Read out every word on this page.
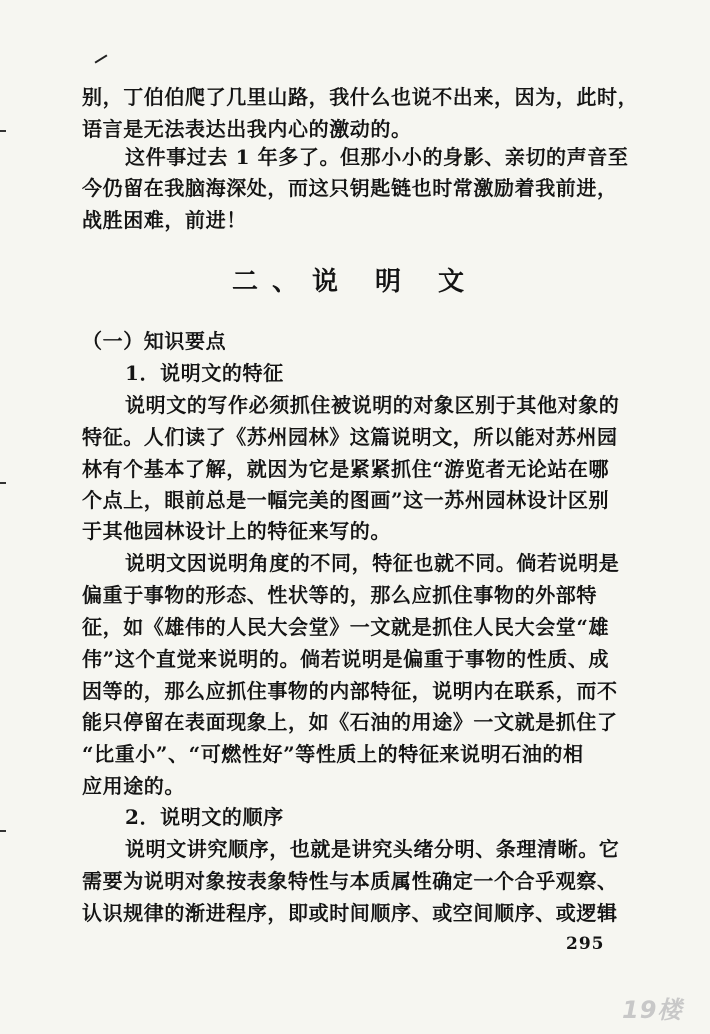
别，丁伯伯爬了几里山路，我什么也说不出来，因为，此时，
语言是无法表达出我内心的激动的。
这件事过去 1 年多了。但那小小的身影、亲切的声音至
今仍留在我脑海深处，而这只钥匙链也时常激励着我前进，
战胜困难，前进！
二、说 明 文
（一）知识要点
1．说明文的特征
说明文的写作必须抓住被说明的对象区别于其他对象的
特征。人们读了《苏州园林》这篇说明文，所以能对苏州园
林有个基本了解，就因为它是紧紧抓住“游览者无论站在哪
个点上，眼前总是一幅完美的图画”这一苏州园林设计区别
于其他园林设计上的特征来写的。
说明文因说明角度的不同，特征也就不同。倘若说明是
偏重于事物的形态、性状等的，那么应抓住事物的外部特
征，如《雄伟的人民大会堂》一文就是抓住人民大会堂“雄
伟”这个直觉来说明的。倘若说明是偏重于事物的性质、成
因等的，那么应抓住事物的内部特征，说明内在联系，而不
能只停留在表面现象上，如《石油的用途》一文就是抓住了
“比重小”、“可燃性好”等性质上的特征来说明石油的相
应用途的。
2．说明文的顺序
说明文讲究顺序，也就是讲究头绪分明、条理清晰。它
需要为说明对象按表象特性与本质属性确定一个合乎观察、
认识规律的渐进程序，即或时间顺序、或空间顺序、或逻辑
295
19楼
